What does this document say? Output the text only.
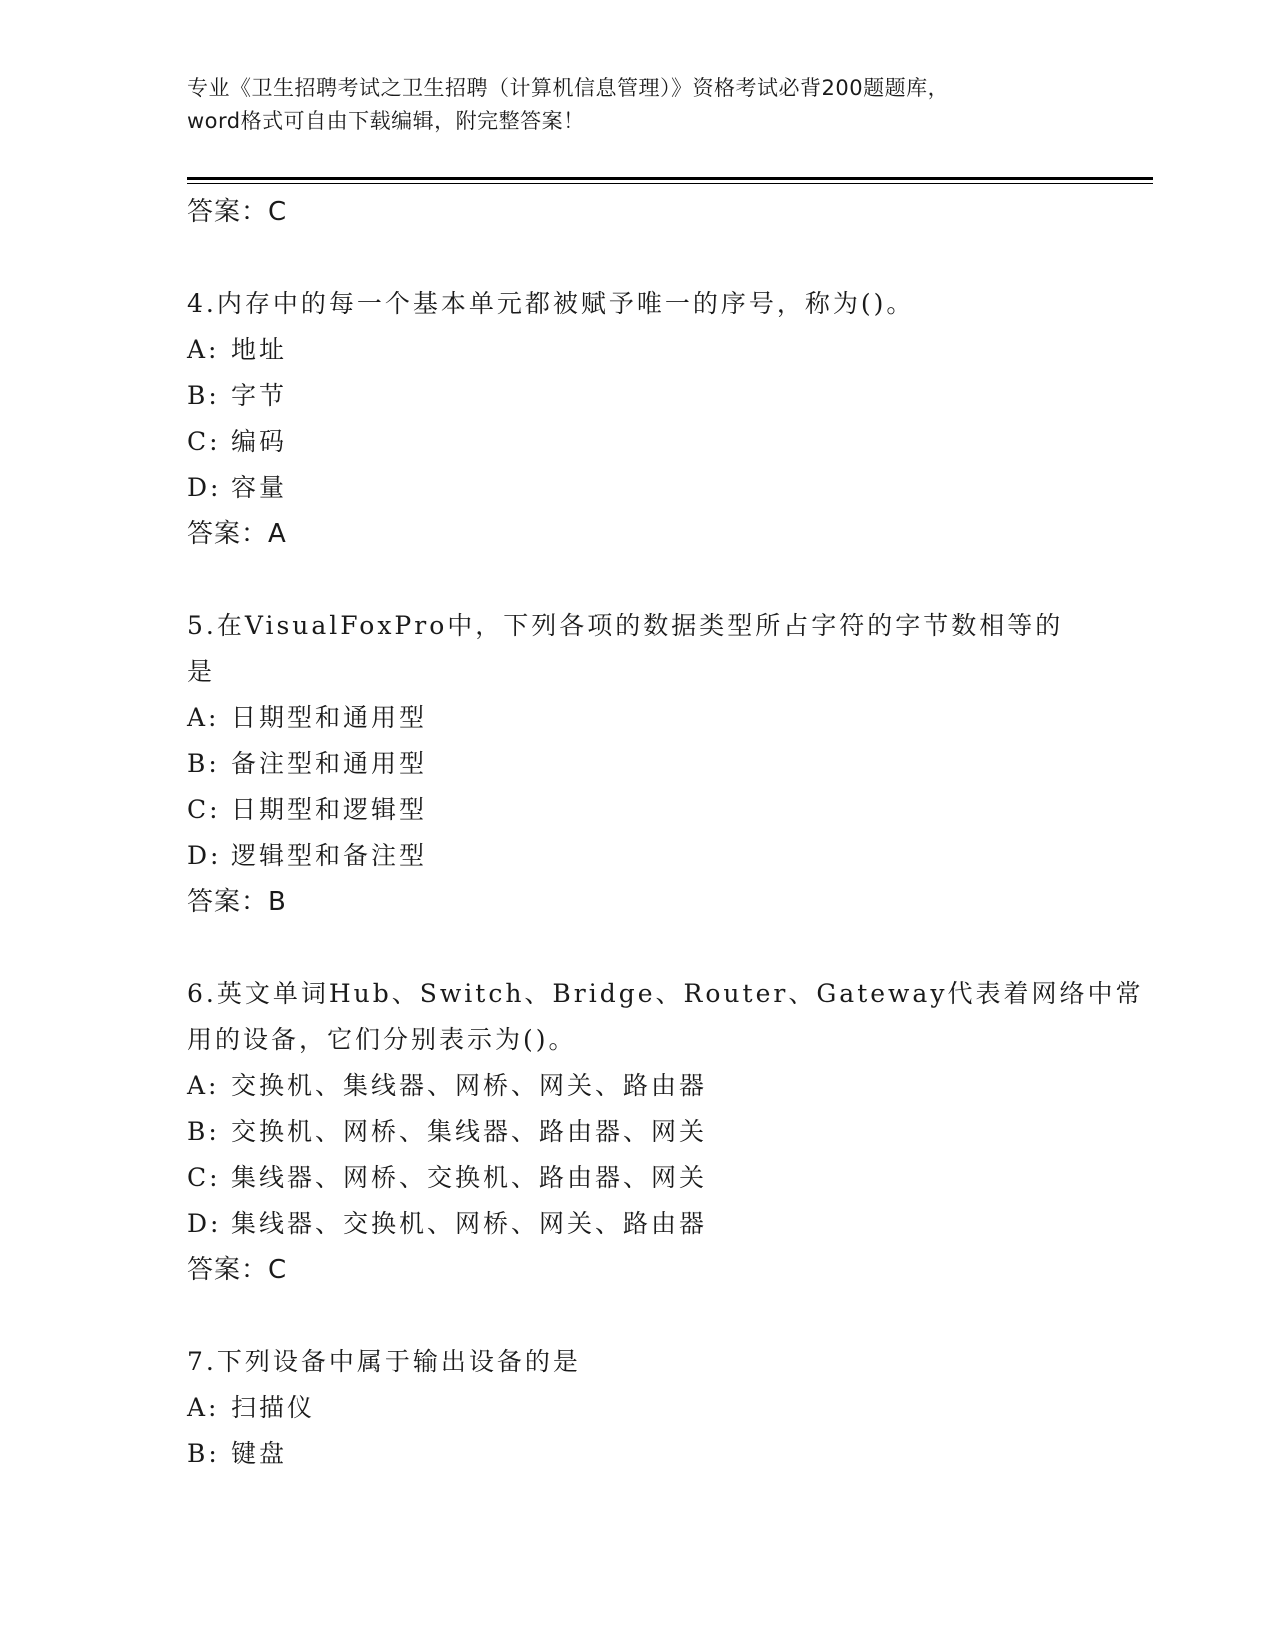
专业《卫生招聘考试之卫生招聘（计算机信息管理）》资格考试必背200题题库，
word格式可自由下载编辑，附完整答案！
答案：C
4.内存中的每一个基本单元都被赋予唯一的序号，称为()。
A: 地址
B: 字节
C: 编码
D: 容量
答案：A
5.在VisualFoxPro中，下列各项的数据类型所占字符的字节数相等的
是
A: 日期型和通用型
B: 备注型和通用型
C: 日期型和逻辑型
D: 逻辑型和备注型
答案：B
6.英文单词Hub、Switch、Bridge、Router、Gateway代表着网络中常
用的设备，它们分别表示为()。
A: 交换机、集线器、网桥、网关、路由器
B: 交换机、网桥、集线器、路由器、网关
C: 集线器、网桥、交换机、路由器、网关
D: 集线器、交换机、网桥、网关、路由器
答案：C
7.下列设备中属于输出设备的是
A: 扫描仪
B: 键盘
